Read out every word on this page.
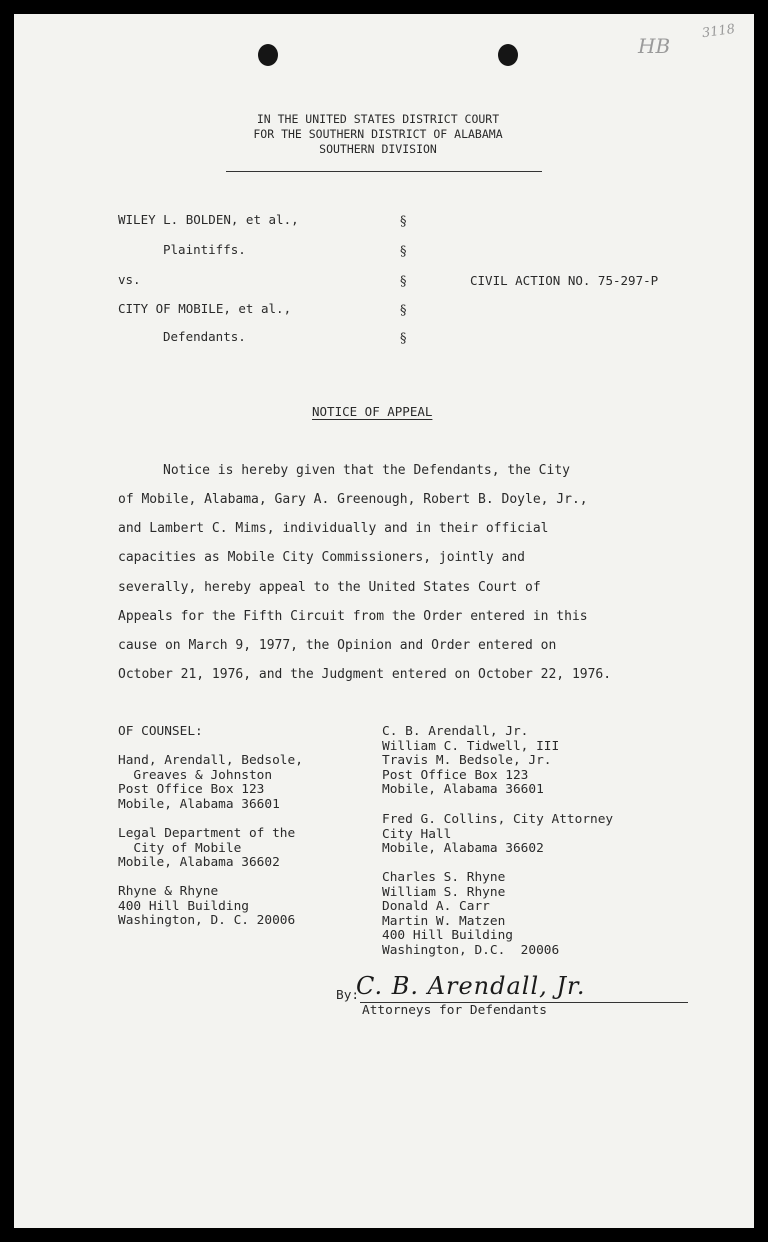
HB
3118
IN THE UNITED STATES DISTRICT COURT
FOR THE SOUTHERN DISTRICT OF ALABAMA
SOUTHERN DIVISION
WILEY L. BOLDEN, et al.,
Plaintiffs.
vs.
CITY OF MOBILE, et al.,
Defendants.
§
§
§
§
§
CIVIL ACTION NO. 75-297-P
NOTICE OF APPEAL
Notice is hereby given that the Defendants, the City
of Mobile, Alabama, Gary A. Greenough, Robert B. Doyle, Jr.,
and Lambert C. Mims, individually and in their official
capacities as Mobile City Commissioners, jointly and
severally, hereby appeal to the United States Court of
Appeals for the Fifth Circuit from the Order entered in this
cause on March 9, 1977, the Opinion and Order entered on
October 21, 1976, and the Judgment entered on October 22, 1976.
OF COUNSEL:
Hand, Arendall, Bedsole,
Greaves & Johnston
Post Office Box 123
Mobile, Alabama 36601
Legal Department of the
City of Mobile
Mobile, Alabama 36602
Rhyne & Rhyne
400 Hill Building
Washington, D. C. 20006
C. B. Arendall, Jr.
William C. Tidwell, III
Travis M. Bedsole, Jr.
Post Office Box 123
Mobile, Alabama 36601
Fred G. Collins, City Attorney
City Hall
Mobile, Alabama 36602
Charles S. Rhyne
William S. Rhyne
Donald A. Carr
Martin W. Matzen
400 Hill Building
Washington, D.C.  20006
By:
C. B. Arendall, Jr.
Attorneys for Defendants
